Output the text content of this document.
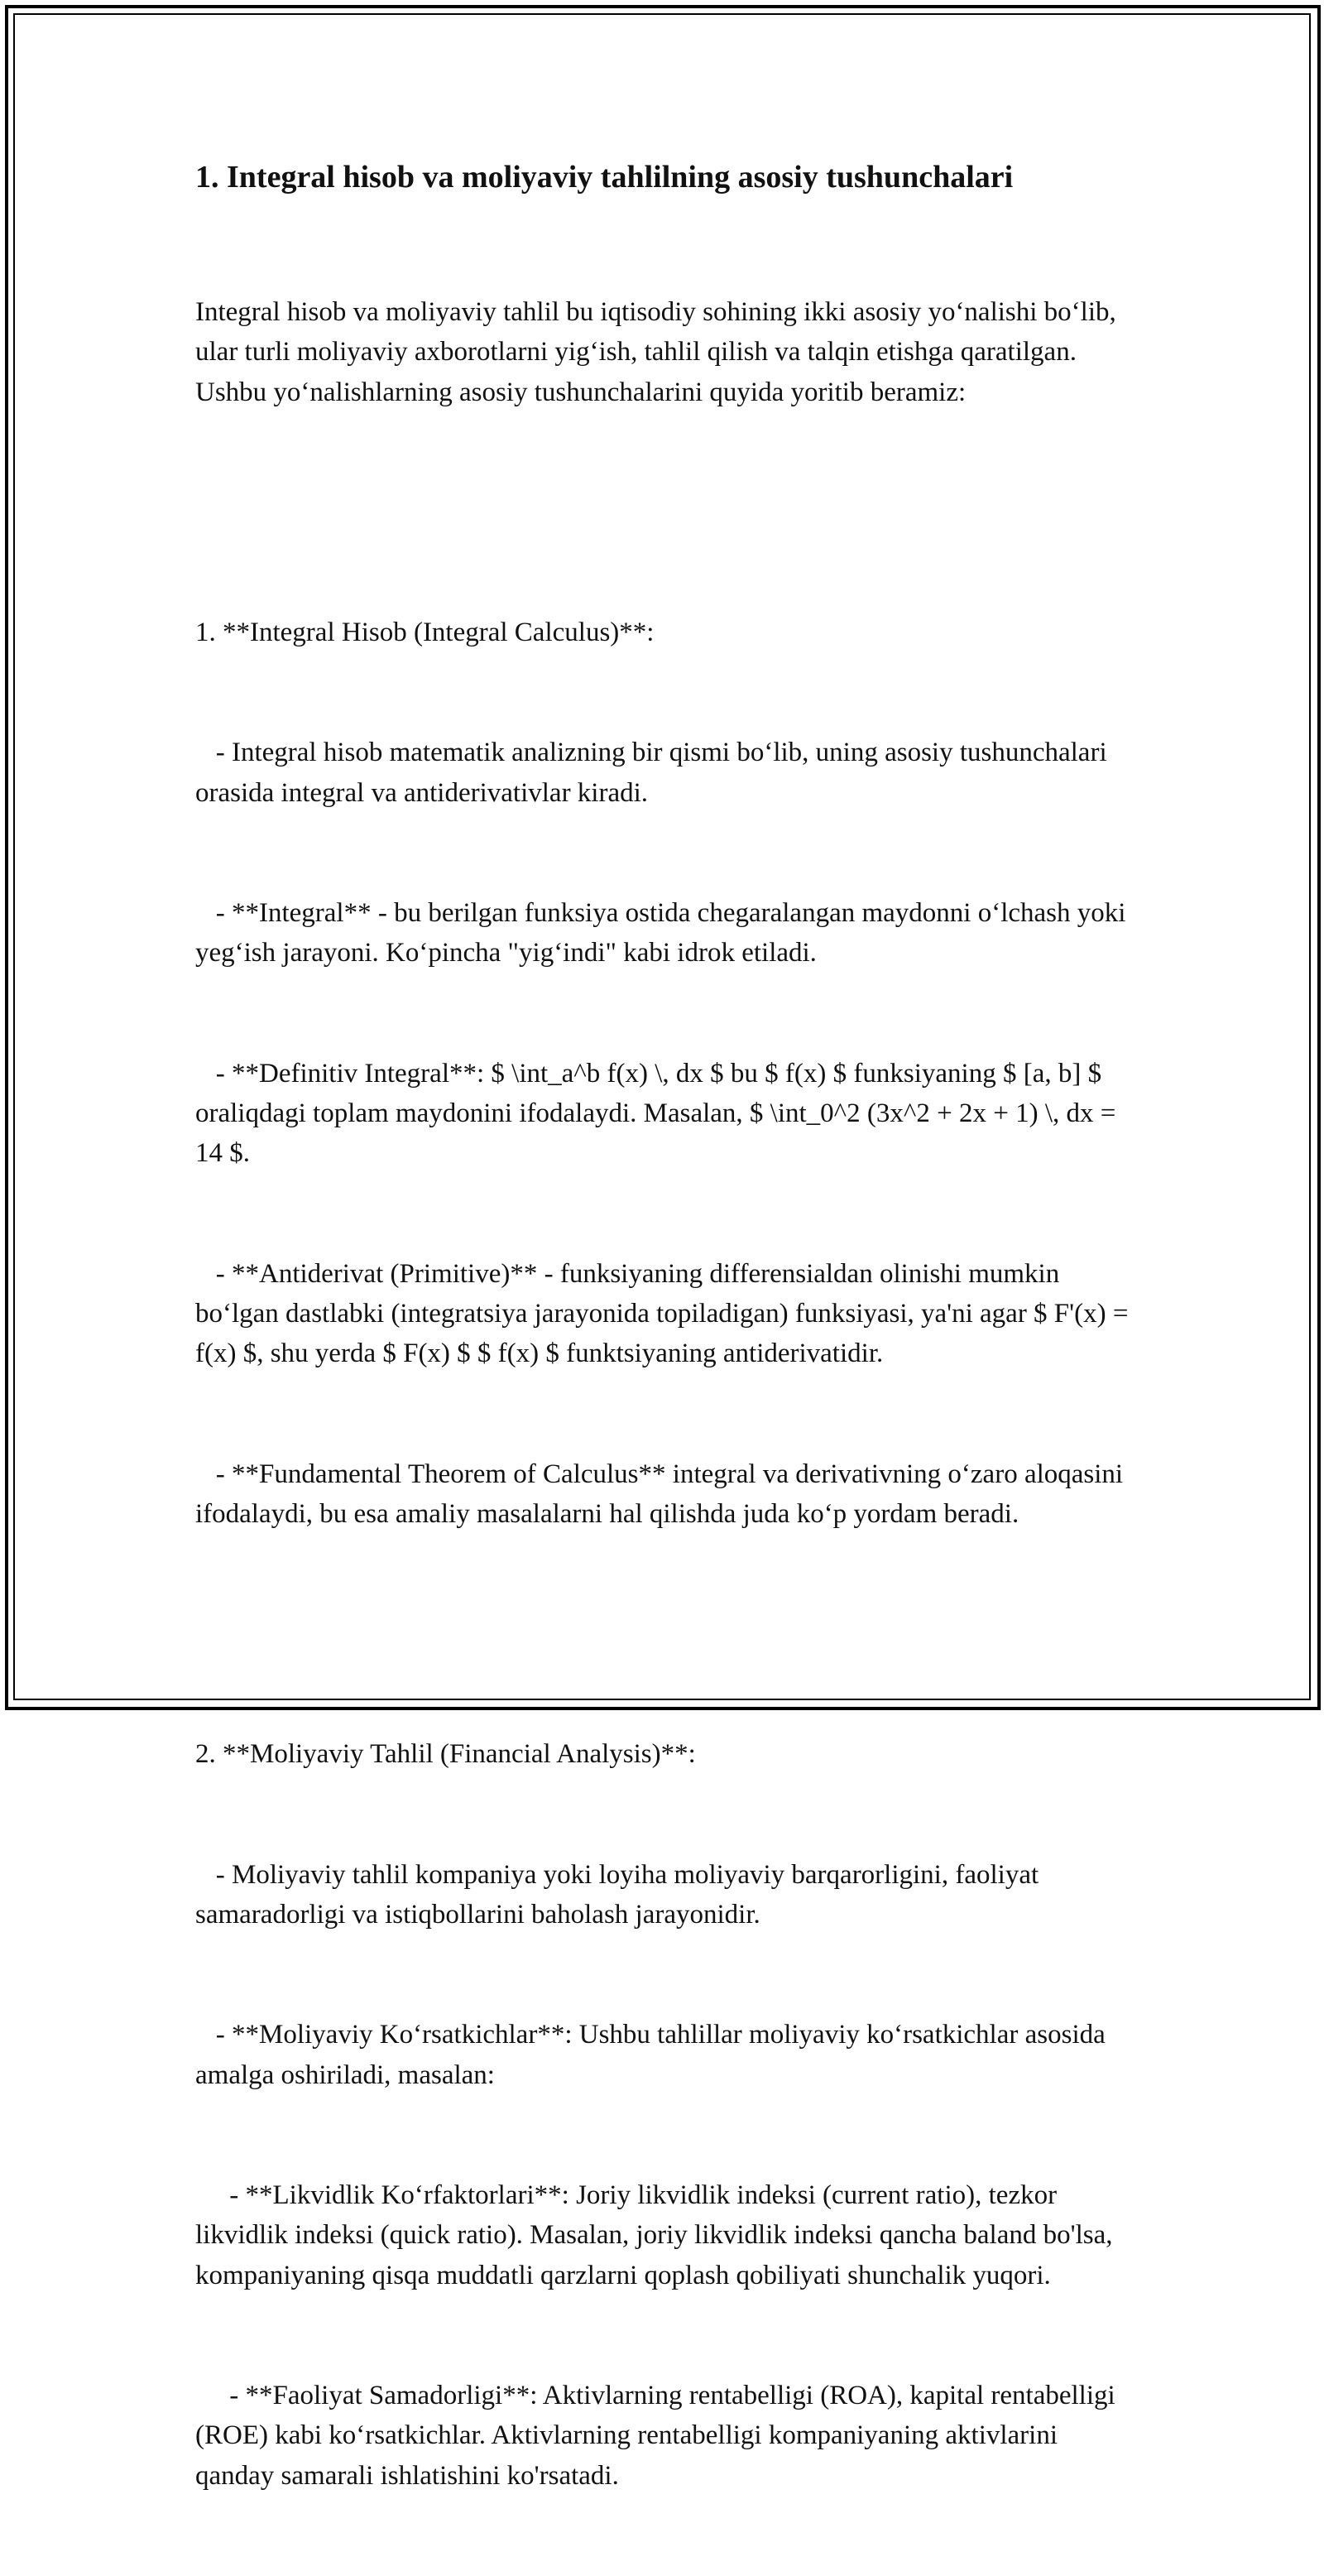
1. Integral hisob va moliyaviy tahlilning asosiy tushunchalari

Integral hisob va moliyaviy tahlil bu iqtisodiy sohining ikki asosiy yo‘nalishi bo‘lib, ular turli moliyaviy axborotlarni yig‘ish, tahlil qilish va talqin etishga qaratilgan. Ushbu yo‘nalishlarning asosiy tushunchalarini quyida yoritib beramiz:

1. **Integral Hisob (Integral Calculus)**:

- Integral hisob matematik analizning bir qismi bo‘lib, uning asosiy tushunchalari orasida integral va antiderivativlar kiradi.

- **Integral** - bu berilgan funksiya ostida chegaralangan maydonni o‘lchash yoki yeg‘ish jarayoni. Ko‘pincha "yig‘indi" kabi idrok etiladi.

- **Definitiv Integral**: $ \int_a^b f(x) \, dx $ bu $ f(x) $ funksiyaning $ [a, b] $ oraliqdagi toplam maydonini ifodalaydi. Masalan, $ \int_0^2 (3x^2 + 2x + 1) \, dx = 14 $.

- **Antiderivat (Primitive)** - funksiyaning differensialdan olinishi mumkin bo‘lgan dastlabki (integratsiya jarayonida topiladigan) funksiyasi, ya'ni agar $ F'(x) = f(x) $, shu yerda $ F(x) $ $ f(x) $ funktsiyaning antiderivatidir.

- **Fundamental Theorem of Calculus** integral va derivativning o‘zaro aloqasini ifodalaydi, bu esa amaliy masalalarni hal qilishda juda ko‘p yordam beradi.

2. **Moliyaviy Tahlil (Financial Analysis)**:

- Moliyaviy tahlil kompaniya yoki loyiha moliyaviy barqarorligini, faoliyat samaradorligi va istiqbollarini baholash jarayonidir.

- **Moliyaviy Ko‘rsatkichlar**: Ushbu tahlillar moliyaviy ko‘rsatkichlar asosida amalga oshiriladi, masalan:

- **Likvidlik Ko‘rfaktorlari**: Joriy likvidlik indeksi (current ratio), tezkor likvidlik indeksi (quick ratio). Masalan, joriy likvidlik indeksi qancha baland bo'lsa, kompaniyaning qisqa muddatli qarzlarni qoplash qobiliyati shunchalik yuqori.

- **Faoliyat Samadorligi**: Aktivlarning rentabelligi (ROA), kapital rentabelligi (ROE) kabi ko‘rsatkichlar. Aktivlarning rentabelligi kompaniyaning aktivlarini qanday samarali ishlatishini ko'rsatadi.
